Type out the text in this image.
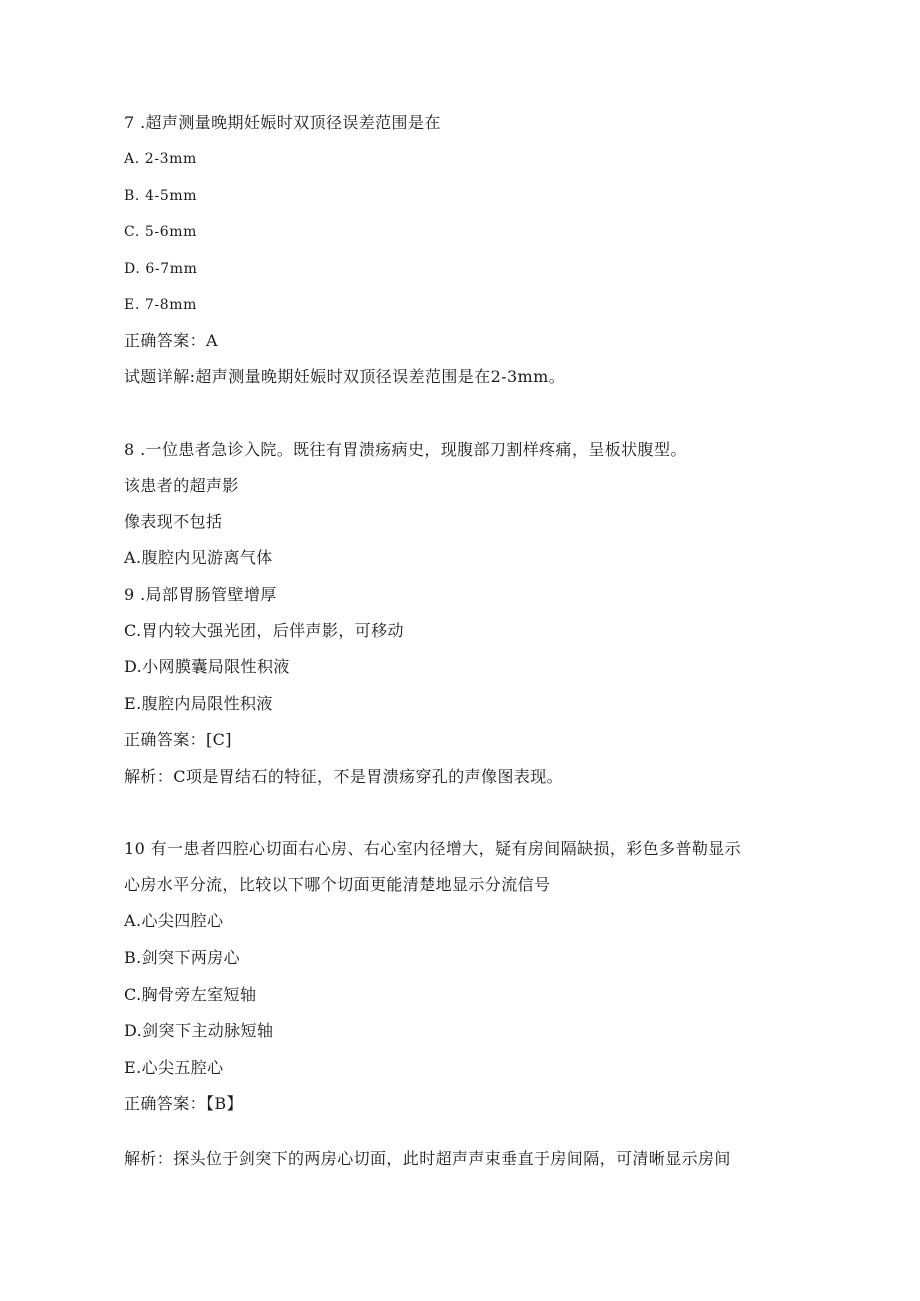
7 .超声测量晚期妊娠时双顶径误差范围是在
A. 2-3mm
B. 4-5mm
C. 5-6mm
D. 6-7mm
E. 7-8mm
正确答案：A
试题详解:超声测量晚期妊娠时双顶径误差范围是在2-3mm。
8 .一位患者急诊入院。既往有胃溃疡病史，现腹部刀割样疼痛，呈板状腹型。
该患者的超声影
像表现不包括
A.腹腔内见游离气体
9 .局部胃肠管壁增厚
C.胃内较大强光团，后伴声影，可移动
D.小网膜囊局限性积液
E.腹腔内局限性积液
正确答案：[C]
解析：C项是胃结石的特征，不是胃溃疡穿孔的声像图表现。
10 有一患者四腔心切面右心房、右心室内径增大，疑有房间隔缺损，彩色多普勒显示
心房水平分流，比较以下哪个切面更能清楚地显示分流信号
A.心尖四腔心
B.剑突下两房心
C.胸骨旁左室短轴
D.剑突下主动脉短轴
E.心尖五腔心
正确答案：【B】
解析：探头位于剑突下的两房心切面，此时超声声束垂直于房间隔，可清晰显示房间
